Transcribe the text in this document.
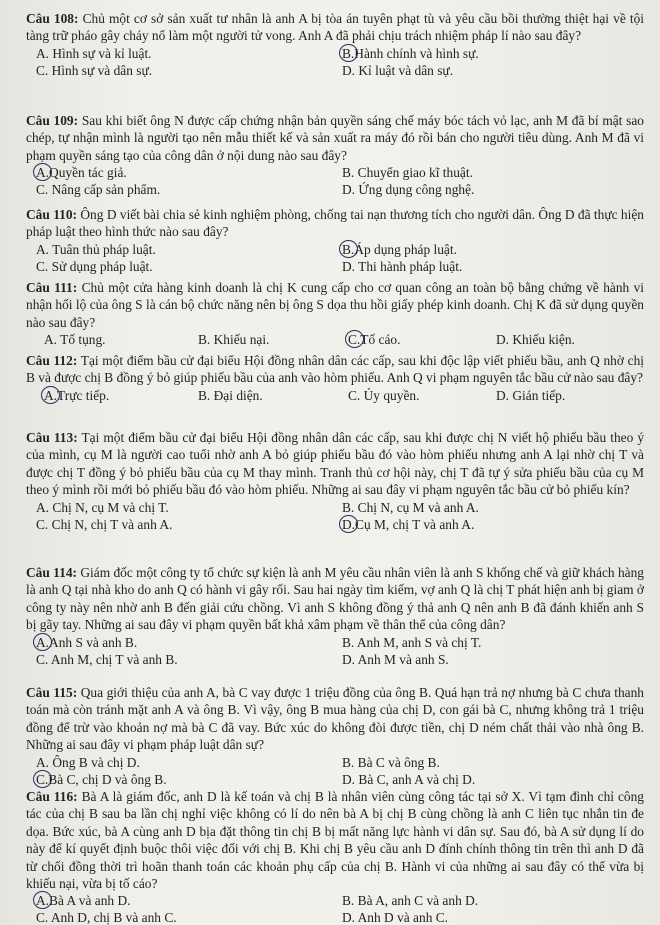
Câu 108: Chủ một cơ sở sản xuất tư nhân là anh A bị tòa án tuyên phạt tù và yêu cầu bồi thường thiệt hại về tội tàng trữ pháo gây cháy nổ làm một người tử vong. Anh A đã phải chịu trách nhiệm pháp lí nào sau đây?

A. Hình sự và kỉ luật.	B.Hành chính và hình sự.
C. Hình sự và dân sự.	D. Kỉ luật và dân sự.

Câu 109: Sau khi biết ông N được cấp chứng nhận bản quyền sáng chế máy bóc tách vỏ lạc, anh M đã bí mật sao chép, tự nhận mình là người tạo nên mẫu thiết kế và sản xuất ra máy đó rồi bán cho người tiêu dùng. Anh M đã vi phạm quyền sáng tạo của công dân ở nội dung nào sau đây?

A.Quyền tác giả.	B. Chuyển giao kĩ thuật.
C. Nâng cấp sản phẩm.	D. Ứng dụng công nghệ.

Câu 110: Ông D viết bài chia sẻ kinh nghiệm phòng, chống tai nạn thương tích cho người dân. Ông D đã thực hiện pháp luật theo hình thức nào sau đây?

A. Tuân thủ pháp luật.	B.Áp dụng pháp luật.
C. Sử dụng pháp luật.	D. Thi hành pháp luật.

Câu 111: Chủ một cửa hàng kinh doanh là chị K cung cấp cho cơ quan công an toàn bộ bằng chứng về hành vi nhận hối lộ của ông S là cán bộ chức năng nên bị ông S dọa thu hồi giấy phép kinh doanh. Chị K đã sử dụng quyền nào sau đây?

A. Tố tụng.	B. Khiếu nại.	C.Tố cáo.	D. Khiếu kiện.

Câu 112: Tại một điểm bầu cử đại biểu Hội đồng nhân dân các cấp, sau khi độc lập viết phiếu bầu, anh Q nhờ chị B và được chị B đồng ý bỏ giúp phiếu bầu của anh vào hòm phiếu. Anh Q vi phạm nguyên tắc bầu cử nào sau đây?

A.Trực tiếp.	B. Đại diện.	C. Ủy quyền.	D. Gián tiếp.

Câu 113: Tại một điểm bầu cử đại biểu Hội đồng nhân dân các cấp, sau khi được chị N viết hộ phiếu bầu theo ý của mình, cụ M là người cao tuổi nhờ anh A bỏ giúp phiếu bầu đó vào hòm phiếu nhưng anh A lại nhờ chị T và được chị T đồng ý bỏ phiếu bầu của cụ M thay mình. Tranh thủ cơ hội này, chị T đã tự ý sửa phiếu bầu của cụ M theo ý mình rồi mới bỏ phiếu bầu đó vào hòm phiếu. Những ai sau đây vi phạm nguyên tắc bầu cử bỏ phiếu kín?

A. Chị N, cụ M và chị T.	B. Chị N, cụ M và anh A.
C. Chị N, chị T và anh A.	D.Cụ M, chị T và anh A.

Câu 114: Giám đốc một công ty tổ chức sự kiện là anh M yêu cầu nhân viên là anh S khống chế và giữ khách hàng là anh Q tại nhà kho do anh Q có hành vi gây rối. Sau hai ngày tìm kiếm, vợ anh Q là chị T phát hiện anh bị giam ở công ty này nên nhờ anh B đến giải cứu chồng. Vì anh S không đồng ý thả anh Q nên anh B đã đánh khiến anh S bị gãy tay. Những ai sau đây vi phạm quyền bất khả xâm phạm về thân thể của công dân?

A.Anh S và anh B.	B. Anh M, anh S và chị T.
C. Anh M, chị T và anh B.	D. Anh M và anh S.

Câu 115: Qua giới thiệu của anh A, bà C vay được 1 triệu đồng của ông B. Quá hạn trả nợ nhưng bà C chưa thanh toán mà còn tránh mặt anh A và ông B. Vì vậy, ông B mua hàng của chị D, con gái bà C, nhưng không trả 1 triệu đồng để trừ vào khoản nợ mà bà C đã vay. Bức xúc do không đòi được tiền, chị D ném chất thải vào nhà ông B. Những ai sau đây vi phạm pháp luật dân sự?

A. Ông B và chị D.	B. Bà C và ông B.
C.Bà C, chị D và ông B.	D. Bà C, anh A và chị D.

Câu 116: Bà A là giám đốc, anh D là kế toán và chị B là nhân viên cùng công tác tại sở X. Vì tạm đình chỉ công tác của chị B sau ba lần chị nghỉ việc không có lí do nên bà A bị chị B cùng chồng là anh C liên tục nhắn tin đe dọa. Bức xúc, bà A cùng anh D bịa đặt thông tin chị B bị mất năng lực hành vi dân sự. Sau đó, bà A sử dụng lí do này để kí quyết định buộc thôi việc đối với chị B. Khi chị B yêu cầu anh D đính chính thông tin trên thì anh D đã từ chối đồng thời trì hoãn thanh toán các khoản phụ cấp của chị B. Hành vi của những ai sau đây có thể vừa bị khiếu nại, vừa bị tố cáo?

A.Bà A và anh D.	B. Bà A, anh C và anh D.
C. Anh D, chị B và anh C.	D. Anh D và anh C.
